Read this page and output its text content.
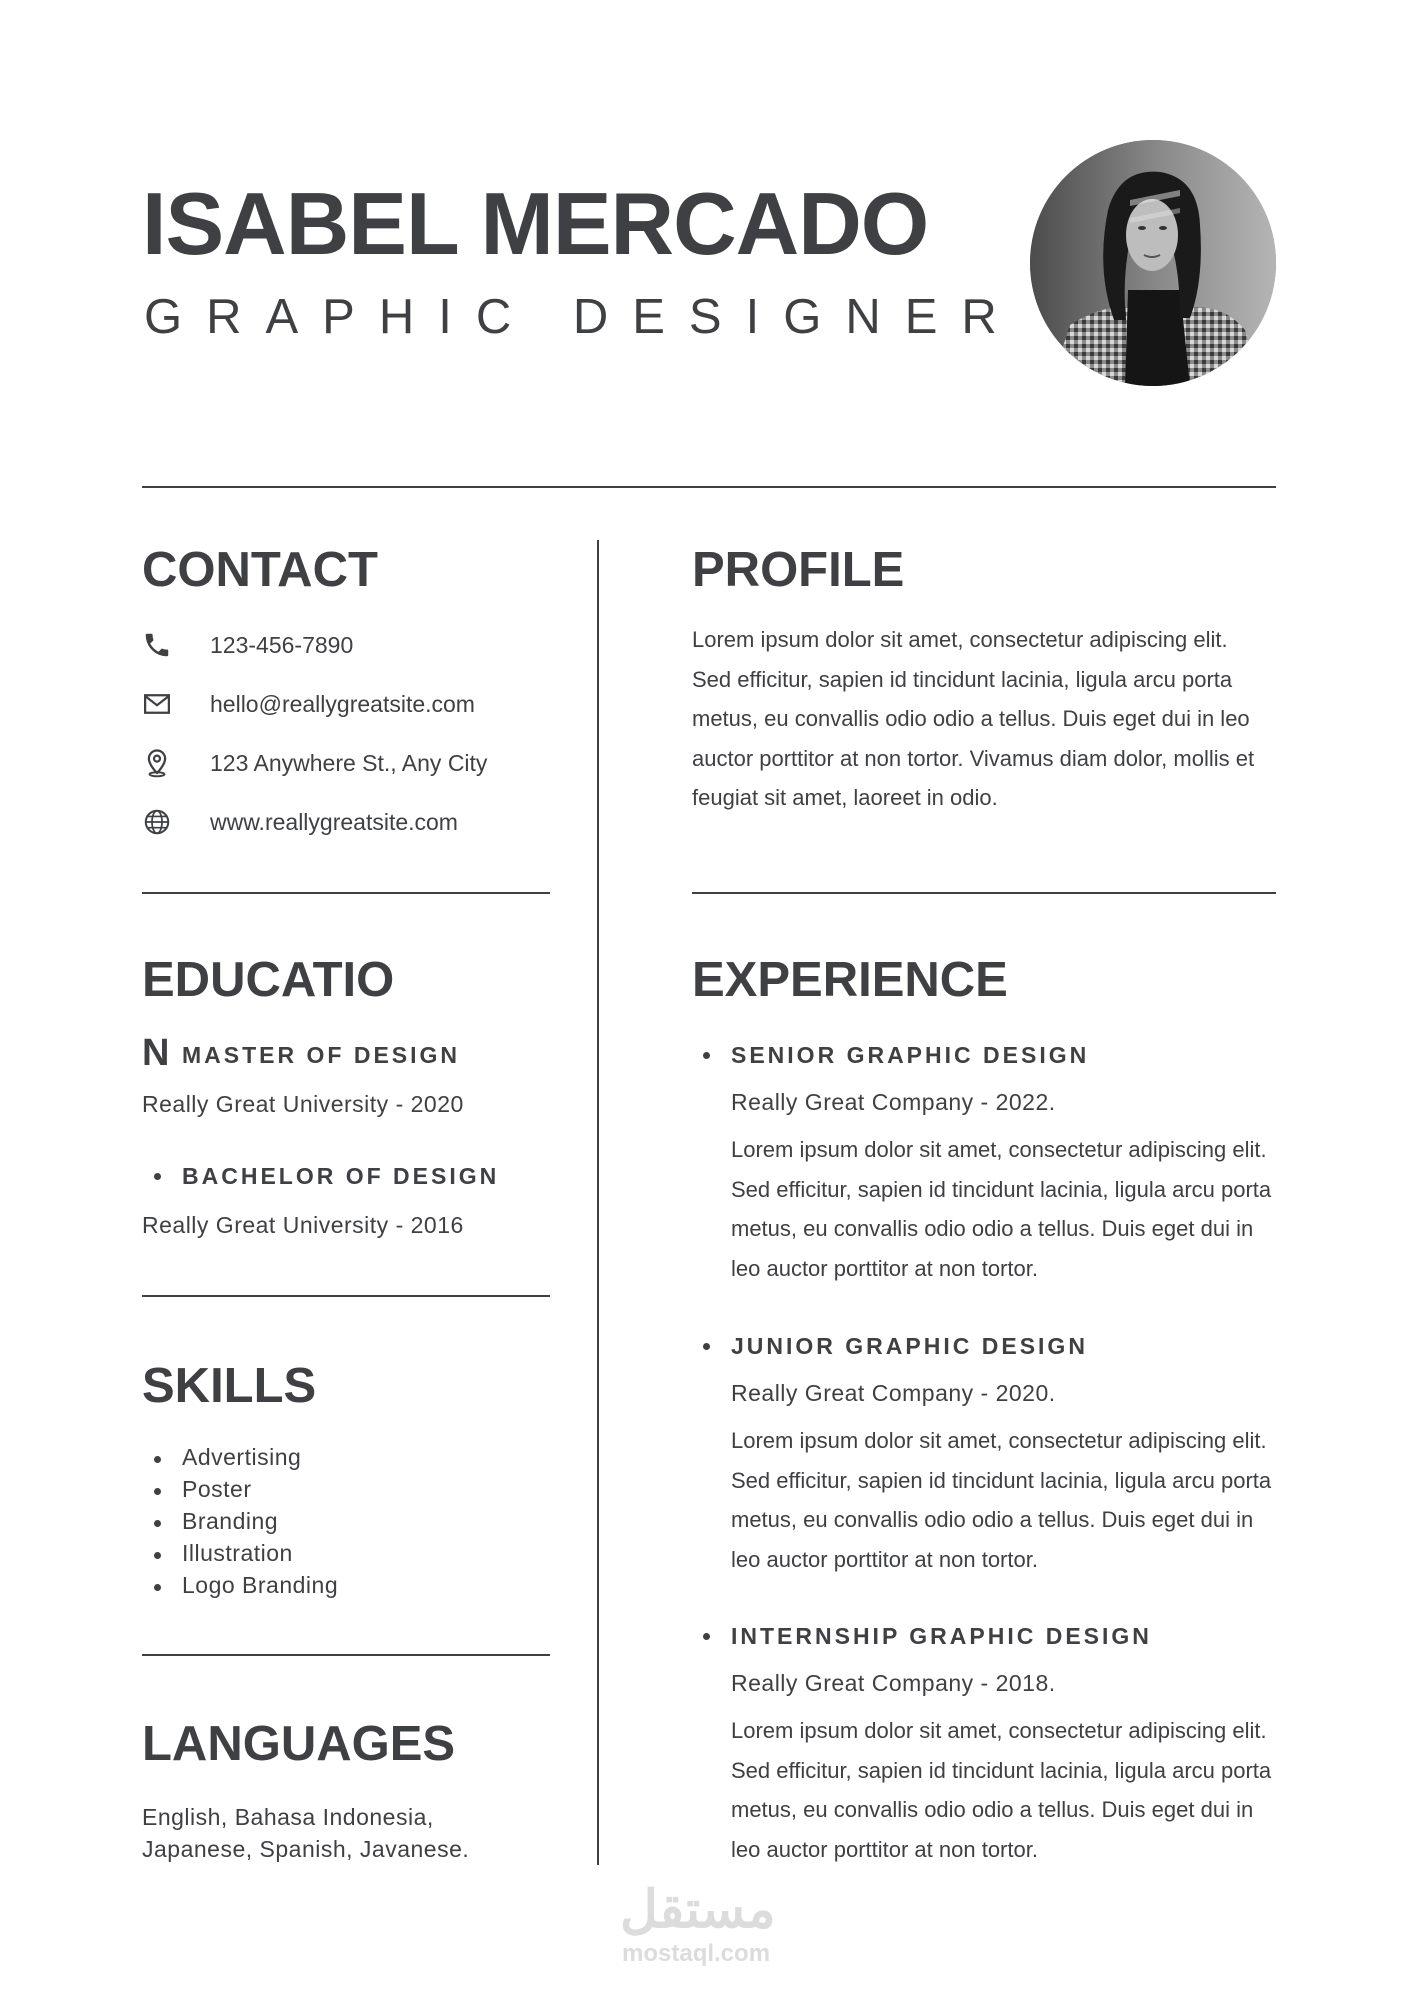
ISABEL MERCADO
GRAPHIC DESIGNER
CONTACT
123-456-7890
hello@reallygreatsite.com
123 Anywhere St., Any City
www.reallygreatsite.com
EDUCATIO
N MASTER OF DESIGN
Really Great University - 2020
BACHELOR OF DESIGN
Really Great University - 2016
SKILLS
Advertising
Poster
Branding
Illustration
Logo Branding
LANGUAGES
English, Bahasa Indonesia,
Japanese, Spanish, Javanese.
PROFILE

Lorem ipsum dolor sit amet, consectetur adipiscing elit. Sed efficitur, sapien id tincidunt lacinia, ligula arcu porta metus, eu convallis odio odio a tellus. Duis eget dui in leo auctor porttitor at non tortor. Vivamus diam dolor, mollis et feugiat sit amet, laoreet in odio.

EXPERIENCE
SENIOR GRAPHIC DESIGN
Really Great Company - 2022.

Lorem ipsum dolor sit amet, consectetur adipiscing elit. Sed efficitur, sapien id tincidunt lacinia, ligula arcu porta metus, eu convallis odio odio a tellus. Duis eget dui in leo auctor porttitor at non tortor.

JUNIOR GRAPHIC DESIGN
Really Great Company - 2020.

Lorem ipsum dolor sit amet, consectetur adipiscing elit. Sed efficitur, sapien id tincidunt lacinia, ligula arcu porta metus, eu convallis odio odio a tellus. Duis eget dui in leo auctor porttitor at non tortor.

INTERNSHIP GRAPHIC DESIGN
Really Great Company - 2018.

Lorem ipsum dolor sit amet, consectetur adipiscing elit. Sed efficitur, sapien id tincidunt lacinia, ligula arcu porta metus, eu convallis odio odio a tellus. Duis eget dui in leo auctor porttitor at non tortor.

مستقل
mostaql.com
